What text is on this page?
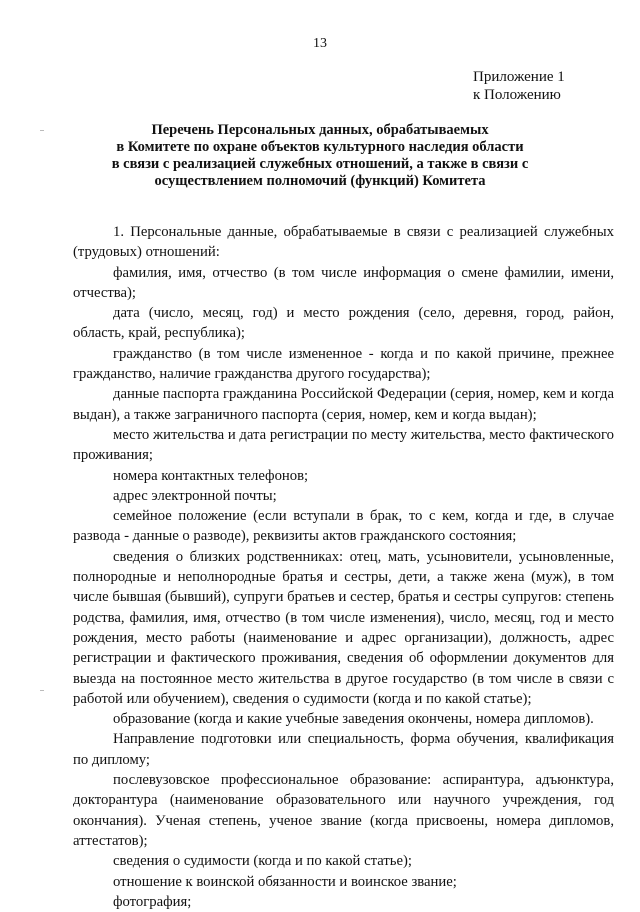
13
Приложение 1
к Положению
Перечень Персональных данных, обрабатываемых
в Комитете по охране объектов культурного наследия области
в связи с реализацией служебных отношений, а также в связи с
осуществлением полномочий (функций) Комитета

1. Персональные данные, обрабатываемые в связи с реализацией служебных (трудовых) отношений:

фамилия, имя, отчество (в том числе информация о смене фамилии, имени, отчества);

дата (число, месяц, год) и место рождения (село, деревня, город, район, область, край, республика);

гражданство (в том числе измененное - когда и по какой причине, прежнее гражданство, наличие гражданства другого государства);

данные паспорта гражданина Российской Федерации (серия, номер, кем и когда выдан), а также заграничного паспорта (серия, номер, кем и когда выдан);

место жительства и дата регистрации по месту жительства, место фактического проживания;

номера контактных телефонов;

адрес электронной почты;

семейное положение (если вступали в брак, то с кем, когда и где, в случае развода - данные о разводе), реквизиты актов гражданского состояния;

сведения о близких родственниках: отец, мать, усыновители, усыновленные, полнородные и неполнородные братья и сестры, дети, а также жена (муж), в том числе бывшая (бывший), супруги братьев и сестер, братья и сестры супругов: степень родства, фамилия, имя, отчество (в том числе изменения), число, месяц, год и место рождения, место работы (наименование и адрес организации), должность, адрес регистрации и фактического проживания, сведения об оформлении документов для выезда на постоянное место жительства в другое государство (в том числе в связи с работой или обучением), сведения о судимости (когда и по какой статье);

образование (когда и какие учебные заведения окончены, номера дипломов).

Направление подготовки или специальность, форма обучения, квалификация по диплому;

послевузовское профессиональное образование: аспирантура, адъюнктура, докторантура (наименование образовательного или научного учреждения, год окончания). Ученая степень, ученое звание (когда присвоены, номера дипломов, аттестатов);

сведения о судимости (когда и по какой статье);

отношение к воинской обязанности и воинское звание;

фотография;
